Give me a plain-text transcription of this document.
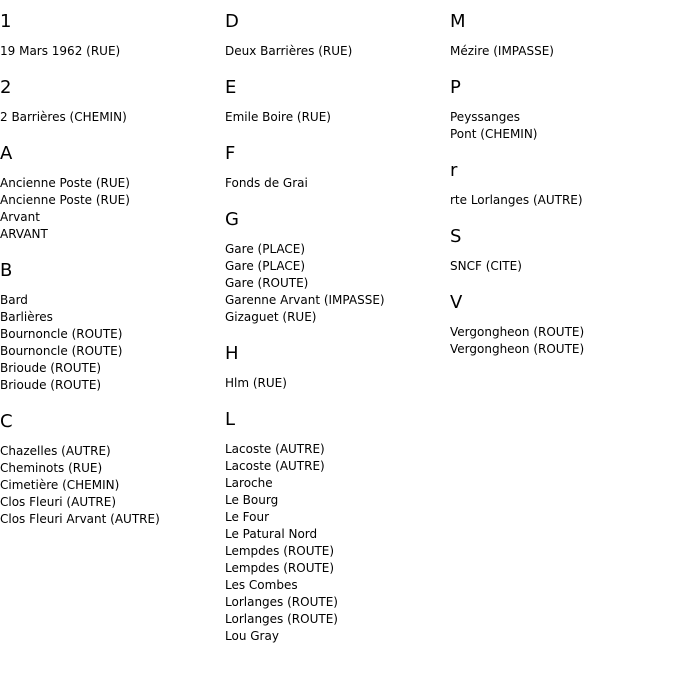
1
19 Mars 1962 (RUE)
2
2 Barrières (CHEMIN)
A
Ancienne Poste (RUE)
Ancienne Poste (RUE)
Arvant
ARVANT
B
Bard
Barlières
Bournoncle (ROUTE)
Bournoncle (ROUTE)
Brioude (ROUTE)
Brioude (ROUTE)
C
Chazelles (AUTRE)
Cheminots (RUE)
Cimetière (CHEMIN)
Clos Fleuri (AUTRE)
Clos Fleuri Arvant (AUTRE)
D
Deux Barrières (RUE)
E
Emile Boire (RUE)
F
Fonds de Grai
G
Gare (PLACE)
Gare (PLACE)
Gare (ROUTE)
Garenne Arvant (IMPASSE)
Gizaguet (RUE)
H
Hlm (RUE)
L
Lacoste (AUTRE)
Lacoste (AUTRE)
Laroche
Le Bourg
Le Four
Le Patural Nord
Lempdes (ROUTE)
Lempdes (ROUTE)
Les Combes
Lorlanges (ROUTE)
Lorlanges (ROUTE)
Lou Gray
M
Mézire (IMPASSE)
P
Peyssanges
Pont (CHEMIN)
r
rte Lorlanges (AUTRE)
S
SNCF (CITE)
V
Vergongheon (ROUTE)
Vergongheon (ROUTE)
